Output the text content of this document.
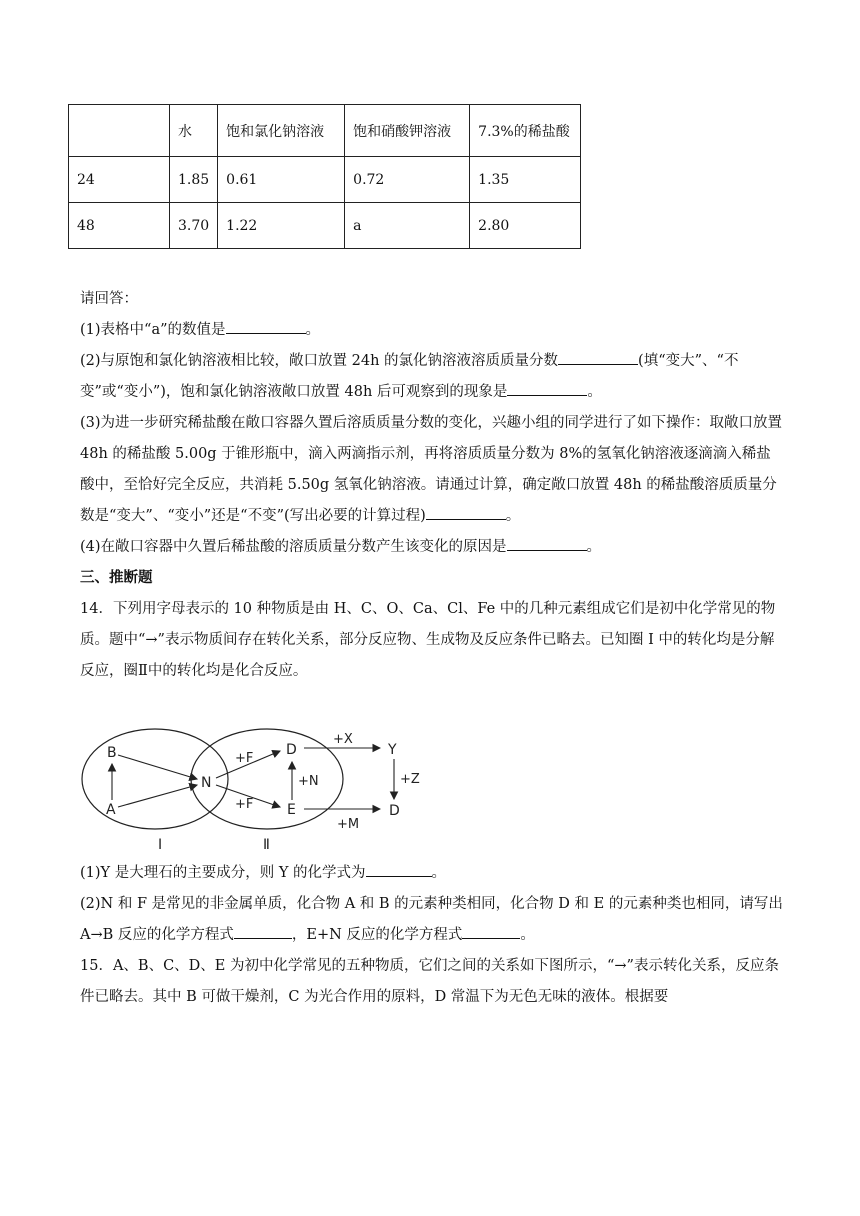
	水	饱和氯化钠溶液	饱和硝酸钾溶液	7.3%的稀盐酸
24	1.85	0.61	0.72	1.35
48	3.70	1.22	a	2.80

请回答：

(1)表格中“a”的数值是	。

(2)与原饱和氯化钠溶液相比较，敞口放置 24h 的氯化钠溶液溶质质量分数	(填“变大”、“不变”或“变小”)，饱和氯化钠溶液敞口放置 48h 后可观察到的现象是	。

(3)为进一步研究稀盐酸在敞口容器久置后溶质质量分数的变化，兴趣小组的同学进行了如下操作：取敞口放置 48h 的稀盐酸 5.00g 于锥形瓶中，滴入两滴指示剂，再将溶质质量分数为 8%的氢氧化钠溶液逐滴滴入稀盐酸中，至恰好完全反应，共消耗 5.50g 氢氧化钠溶液。请通过计算，确定敞口放置 48h 的稀盐酸溶质质量分数是“变大”、“变小”还是“不变”(写出必要的计算过程)	。

(4)在敞口容器中久置后稀盐酸的溶质质量分数产生该变化的原因是	。

三、推断题

14．下列用字母表示的 10 种物质是由 H、C、O、Ca、Cl、Fe 中的几种元素组成它们是初中化学常见的物质。题中“→”表示物质间存在转化关系，部分反应物、生成物及反应条件已略去。已知圈 I 中的转化均是分解反应，圈Ⅱ中的转化均是化合反应。

B
A
N
D
E
Y
D
+F
+F
+N
+X
+Z
+M
I	Ⅱ

(1)Y 是大理石的主要成分，则 Y 的化学式为	。

(2)N 和 F 是常见的非金属单质，化合物 A 和 B 的元素种类相同，化合物 D 和 E 的元素种类也相同，请写出 A→B 反应的化学方程式	，E+N 反应的化学方程式	。

15．A、B、C、D、E 为初中化学常见的五种物质，它们之间的关系如下图所示，“→”表示转化关系，反应条件已略去。其中 B 可做干燥剂，C 为光合作用的原料，D 常温下为无色无味的液体。根据要
